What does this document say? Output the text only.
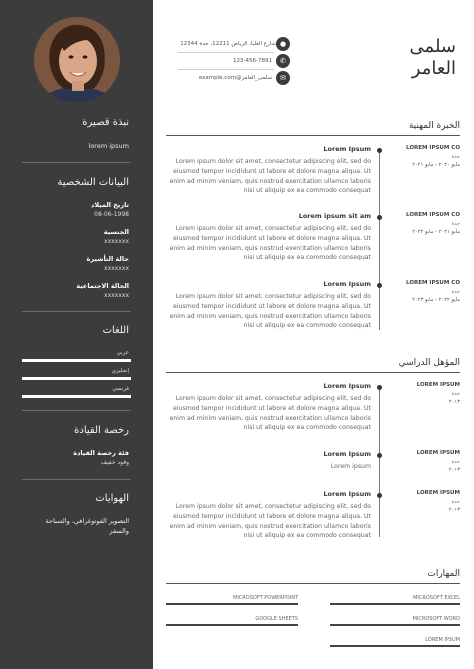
نبذة قصيرة
lorem ipsum
البيانات الشخصية
تاريخ الميلاد
08-06-1998
الجنسية
xxxxxxx
حالة التأشيرة
xxxxxxx
الحالة الاجتماعية
xxxxxxx
اللغات
عربي
إنجليزي
فرنسي
رخصة القيادة
فئة رخصة القيادة
وقود خفيف
الهوايات
التصوير الفوتوغرافي، والسباحة
والسفر
سلمى
العامر
شارع العليا، الرياض 12211، جدة 12344 ●
123-456-7891	✆
سلمى_العامر@example.com	✉
الخبرة المهنية
Lorem Ipsum
Lorem ipsum dolor sit amet, consectetur adipiscing elit, sed do eiusmod tempor incididunt ut labore et dolore magna aliqua. Ut enim ad minim veniam, quis nostrud exercitation ullamco laboris nisi ut aliquip ex ea commodo consequat
LOREM IPSUM CO
جدة
مايو ٢٠٢٠ - مايو ٢٠٢١
Lorem ipsum sit am
Lorem ipsum dolor sit amet, consectetur adipiscing elit, sed do eiusmod tempor incididunt ut labore et dolore magna aliqua. Ut enim ad minim veniam, quis nostrud exercitation ullamco laboris nisi ut aliquip ex ea commodo consequat
LOREM IPSUM CO
جدة
مايو ٢٠٢١ - مايو ٢٠٢٢
Lorem Ipsum
Lorem ipsum dolor sit amet, consectetur adipiscing elit, sed do eiusmod tempor incididunt ut labore et dolore magna aliqua. Ut enim ad minim veniam, quis nostrud exercitation ullamco laboris nisi ut aliquip ex ea commodo consequat
LOREM IPSUM CO
جدة
مايو ٢٠٢٢ - مايو ٢٠٢٣
المؤهل الدراسي
Lorem Ipsum
Lorem ipsum dolor sit amet, consectetur adipiscing elit, sed do eiusmod tempor incididunt ut labore et dolore magna aliqua. Ut enim ad minim veniam, quis nostrud exercitation ullamco laboris nisi ut aliquip ex ea commodo consequat
LOREM IPSUM
جدة
٢٠١٣
Lorem Ipsum
Lorem ipsum
LOREM IPSUM
جدة
٢٠١٣
Lorem Ipsum
Lorem ipsum dolor sit amet, consectetur adipiscing elit, sed do eiusmod tempor incididunt ut labore et dolore magna aliqua. Ut enim ad minim veniam, quis nostrud exercitation ullamco laboris nisi ut aliquip ex ea commodo consequat
LOREM IPSUM
جدة
٢٠١٣
المهارات
MICROSOFT EXCEL
MICROSOFT WORD
LOREM IPSUM
MICROSOFT POWERPOINT
GOOGLE SHEETS
